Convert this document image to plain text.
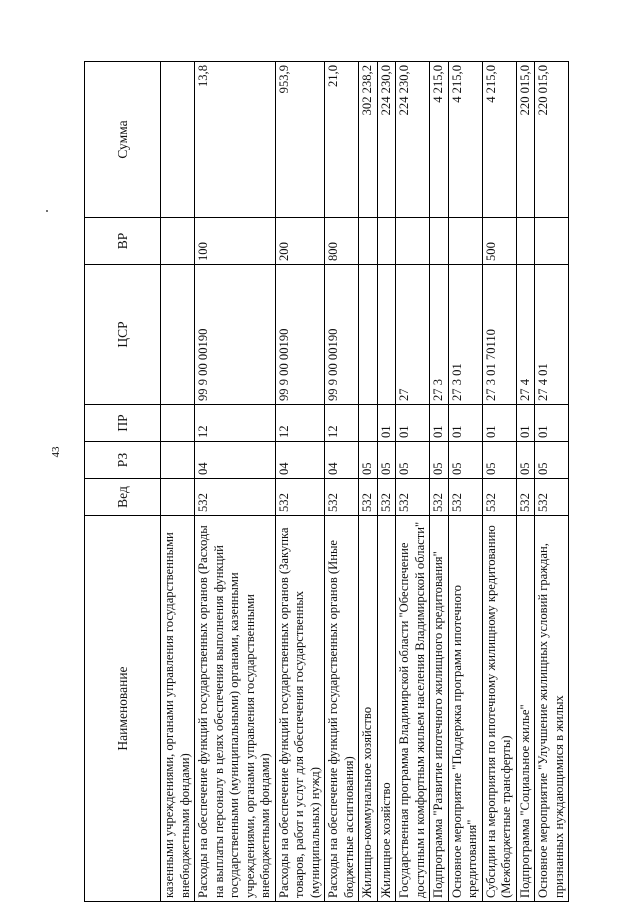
43
Наименование	Вед	РЗ	ПР	ЦСР	ВР	Сумма
казенными учреждениями, органами управления государственными внебюджетными фондами)						
Расходы на обеспечение функций государственных органов (Расходы на выплаты персоналу в целях обеспечения выполнения функций государственными (муниципальными) органами, казенными учреждениями, органами управления государственными внебюджетными фондами)	532	04	12	99 9 00 00190	100	13,8
Расходы на обеспечение функций государственных органов (Закупка товаров, работ и услуг для обеспечения государственных (муниципальных) нужд)	532	04	12	99 9 00 00190	200	953,9
Расходы на обеспечение функций государственных органов (Иные бюджетные ассигнования)	532	04	12	99 9 00 00190	800	21,0
Жилищно-коммунальное хозяйство	532	05				302 238,2
Жилищное хозяйство	532	05	01			224 230,0
Государственная программа Владимирской области "Обеспечение доступным и комфортным жильем населения Владимирской области"	532	05	01	27		224 230,0
Подпрограмма "Развитие ипотечного жилищного кредитования"	532	05	01	27 3		4 215,0
Основное мероприятие "Поддержка программ ипотечного кредитования"	532	05	01	27 3 01		4 215,0
Субсидии на мероприятия по ипотечному жилищному кредитованию (Межбюджетные трансферты)	532	05	01	27 3 01 70110	500	4 215,0
Подпрограмма "Социальное жилье"	532	05	01	27 4		220 015,0
Основное мероприятие "Улучшение жилищных условий граждан, признанных нуждающимися в жилых	532	05	01	27 4 01		220 015,0
